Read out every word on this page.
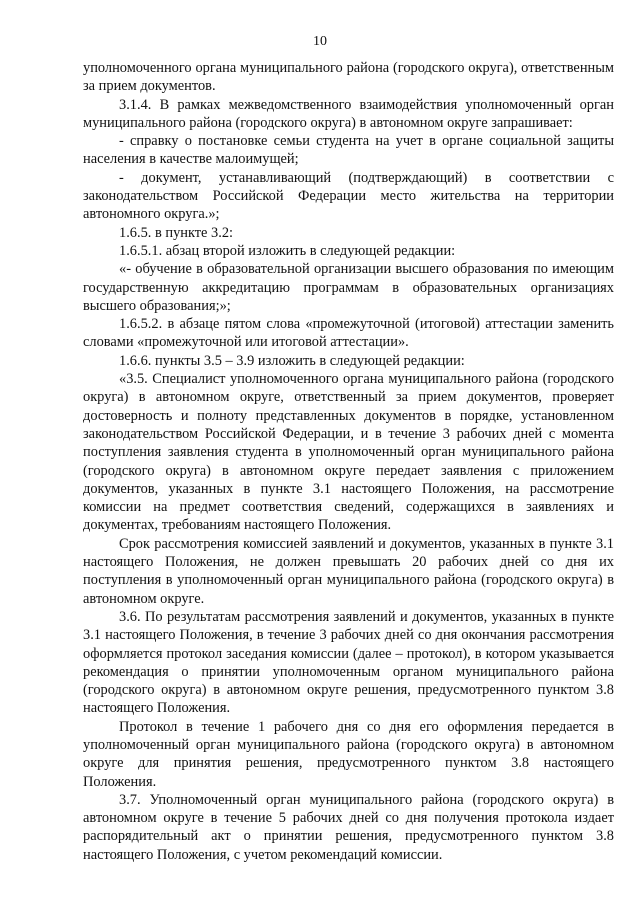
10

уполномоченного органа муниципального района (городского округа), ответственным за прием документов.

3.1.4. В рамках межведомственного взаимодействия уполномоченный орган муниципального района (городского округа) в автономном округе запрашивает:

- справку о постановке семьи студента на учет в органе социальной защиты населения в качестве малоимущей;

- документ, устанавливающий (подтверждающий) в соответствии с законодательством Российской Федерации место жительства на территории автономного округа.»;

1.6.5. в пункте 3.2:

1.6.5.1. абзац второй изложить в следующей редакции:

«- обучение в образовательной организации высшего образования по имеющим государственную аккредитацию программам в образовательных организациях высшего образования;»;

1.6.5.2. в абзаце пятом слова «промежуточной (итоговой) аттестации заменить словами «промежуточной или итоговой аттестации».

1.6.6. пункты 3.5 – 3.9 изложить в следующей редакции:

«3.5. Специалист уполномоченного органа муниципального района (городского округа) в автономном округе, ответственный за прием документов, проверяет достоверность и полноту представленных документов в порядке, установленном законодательством Российской Федерации, и в течение 3 рабочих дней с момента поступления заявления студента в уполномоченный орган муниципального района (городского округа) в автономном округе передает заявления с приложением документов, указанных в пункте 3.1 настоящего Положения, на рассмотрение комиссии на предмет соответствия сведений, содержащихся в заявлениях и документах, требованиям настоящего Положения.

Срок рассмотрения комиссией заявлений и документов, указанных в пункте 3.1 настоящего Положения, не должен превышать 20 рабочих дней со дня их поступления в уполномоченный орган муниципального района (городского округа) в автономном округе.

3.6. По результатам рассмотрения заявлений и документов, указанных в пункте 3.1 настоящего Положения, в течение 3 рабочих дней со дня окончания рассмотрения оформляется протокол заседания комиссии (далее – протокол), в котором указывается рекомендация о принятии уполномоченным органом муниципального района (городского округа) в автономном округе решения, предусмотренного пунктом 3.8 настоящего Положения.

Протокол в течение 1 рабочего дня со дня его оформления передается в уполномоченный орган муниципального района (городского округа) в автономном округе для принятия решения, предусмотренного пунктом 3.8 настоящего Положения.

3.7. Уполномоченный орган муниципального района (городского округа) в автономном округе в течение 5 рабочих дней со дня получения протокола издает распорядительный акт о принятии решения, предусмотренного пунктом 3.8 настоящего Положения, с учетом рекомендаций комиссии.
